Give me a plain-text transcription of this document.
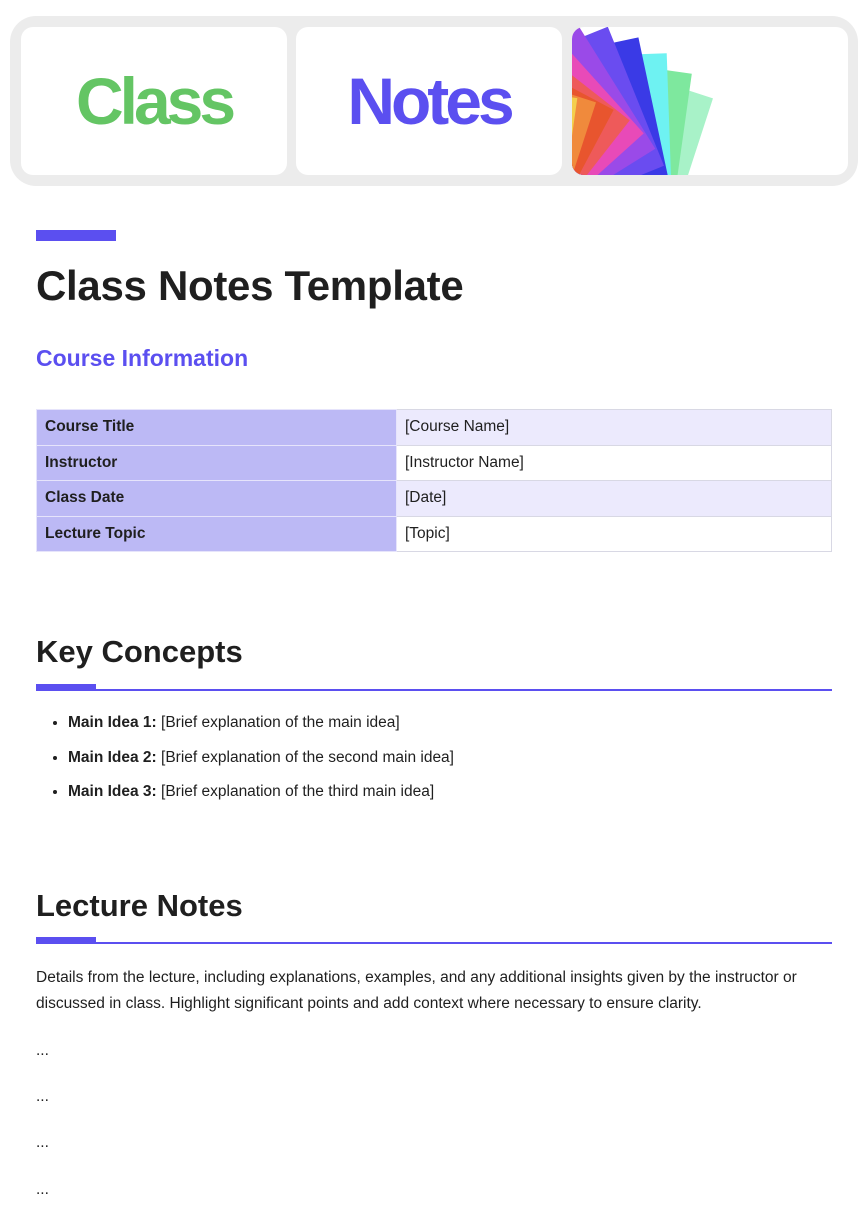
Class Notes
Class Notes Template
Course Information
Course Title	[Course Name]
Instructor	[Instructor Name]
Class Date	[Date]
Lecture Topic	[Topic]
Key Concepts
• Main Idea 1: [Brief explanation of the main idea]
• Main Idea 2: [Brief explanation of the second main idea]
• Main Idea 3: [Brief explanation of the third main idea]
Lecture Notes

Details from the lecture, including explanations, examples, and any additional insights given by the instructor or discussed in class. Highlight significant points and add context where necessary to ensure clarity.

...

...

...

...
